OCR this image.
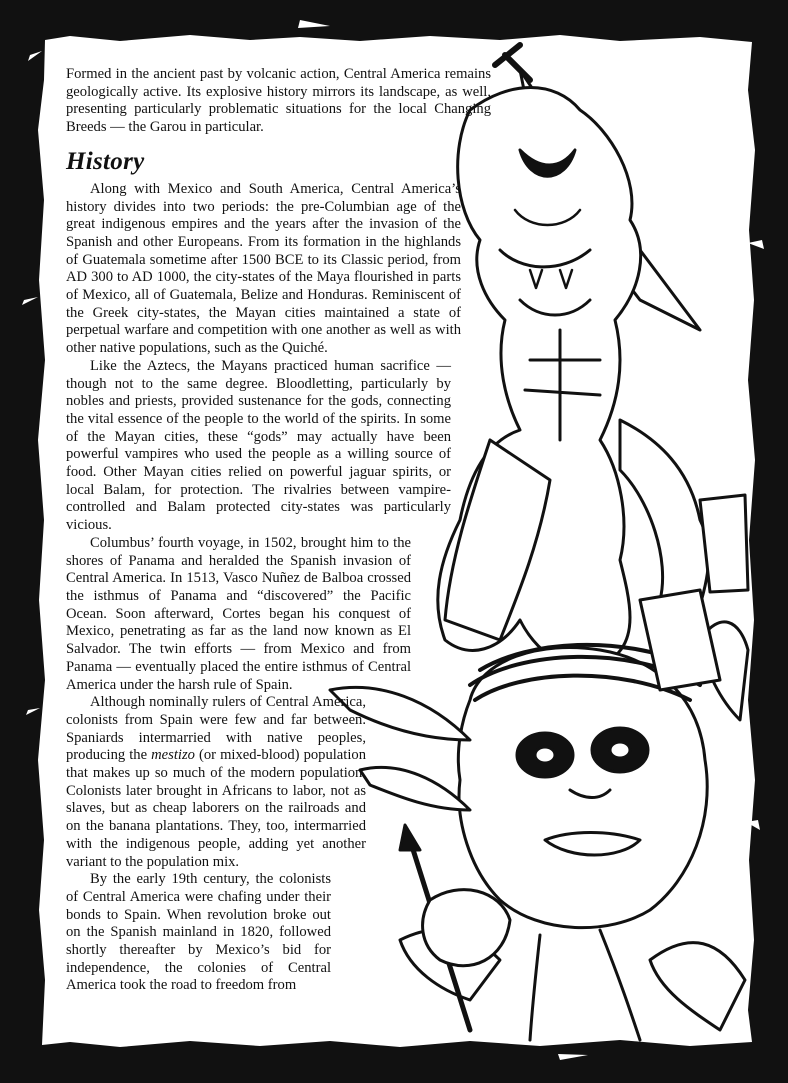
Formed in the ancient past by volcanic action, Central America remains geologically active. Its explosive history mirrors its landscape, as well, presenting particularly problematic situations for the local Changing Breeds — the Garou in particular.

History

Along with Mexico and South America, Central America’s history divides into two periods: the pre-Columbian age of the great indigenous empires and the years after the invasion of the Spanish and other Europeans. From its formation in the highlands of Guatemala sometime after 1500 BCE to its Classic period, from AD 300 to AD 1000, the city-states of the Maya flourished in parts of Mexico, all of Guatemala, Belize and Honduras. Reminiscent of the Greek city-states, the Mayan cities maintained a state of perpetual warfare and competition with one another as well as with other native populations, such as the Quiché.

Like the Aztecs, the Mayans practiced human sacrifice — though not to the same degree. Bloodletting, particularly by nobles and priests, provided sustenance for the gods, connecting the vital essence of the people to the world of the spirits. In some of the Mayan cities, these “gods” may actually have been powerful vampires who used the people as a willing source of food. Other Mayan cities relied on powerful jaguar spirits, or local Balam, for protection. The rivalries between vampire-controlled and Balam protected city-states was particularly vicious.

Columbus’ fourth voyage, in 1502, brought him to the shores of Panama and heralded the Spanish invasion of Central America. In 1513, Vasco Nuñez de Balboa crossed the isthmus of Panama and “discovered” the Pacific Ocean. Soon afterward, Cortes began his conquest of Mexico, penetrating as far as the land now known as El Salvador. The twin efforts — from Mexico and from Panama — eventually placed the entire isthmus of Central America under the harsh rule of Spain.

Although nominally rulers of Central America, colonists from Spain were few and far between. Spaniards intermarried with native peoples, producing the mestizo (or mixed-blood) population that makes up so much of the modern population. Colonists later brought in Africans to labor, not as slaves, but as cheap laborers on the railroads and on the banana plantations. They, too, intermarried with the indigenous people, adding yet another variant to the population mix.

By the early 19th century, the colonists of Central America were chafing under their bonds to Spain. When revolution broke out on the Spanish mainland in 1820, followed shortly thereafter by Mexico’s bid for independence, the colonies of Central America took the road to freedom from
